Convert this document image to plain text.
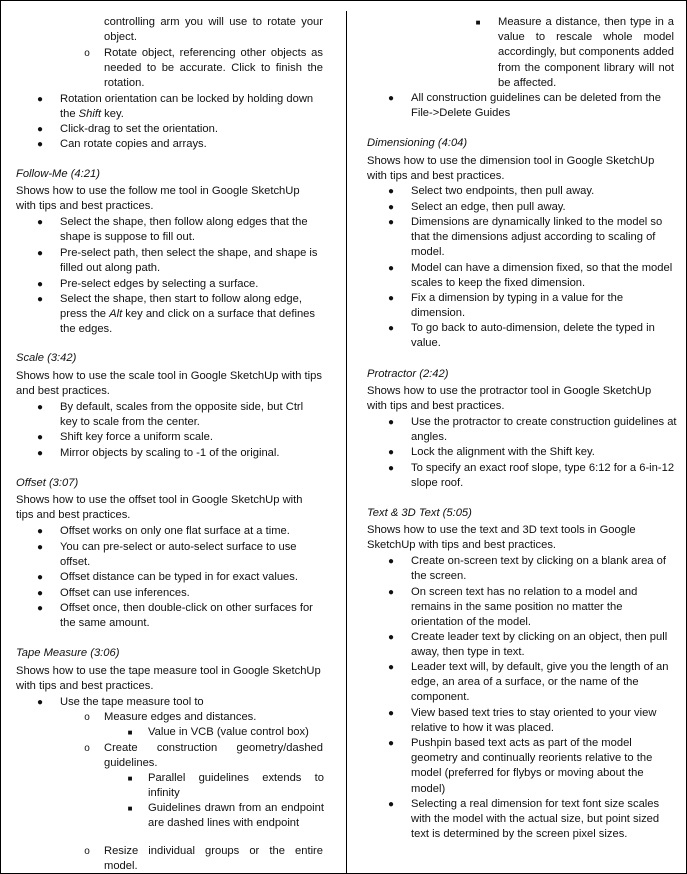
controlling arm you will use to rotate your object.
o Rotate object, referencing other objects as needed to be accurate. Click to finish the rotation.
● Rotation orientation can be locked by holding down the Shift key.
● Click-drag to set the orientation.
● Can rotate copies and arrays.
Follow-Me (4:21)
Shows how to use the follow me tool in Google SketchUp with tips and best practices.
● Select the shape, then follow along edges that the shape is suppose to fill out.
● Pre-select path, then select the shape, and shape is filled out along path.
● Pre-select edges by selecting a surface.
● Select the shape, then start to follow along edge, press the Alt key and click on a surface that defines the edges.
Scale (3:42)
Shows how to use the scale tool in Google SketchUp with tips and best practices.
● By default, scales from the opposite side, but Ctrl key to scale from the center.
● Shift key force a uniform scale.
● Mirror objects by scaling to -1 of the original.
Offset (3:07)
Shows how to use the offset tool in Google SketchUp with tips and best practices.
● Offset works on only one flat surface at a time.
● You can pre-select or auto-select surface to use offset.
● Offset distance can be typed in for exact values.
● Offset can use inferences.
● Offset once, then double-click on other surfaces for the same amount.
Tape Measure (3:06)
Shows how to use the tape measure tool in Google SketchUp with tips and best practices.
● Use the tape measure tool to
o Measure edges and distances.
■ Value in VCB (value control box)
o Create construction geometry/dashed guidelines.
■ Parallel guidelines extends to infinity
■ Guidelines drawn from an endpoint are dashed lines with endpoint
o Resize individual groups or the entire model.
■ Measure a distance, then type in a value to rescale whole model accordingly, but components added from the component library will not be affected.
● All construction guidelines can be deleted from the File->Delete Guides
Dimensioning (4:04)
Shows how to use the dimension tool in Google SketchUp with tips and best practices.
● Select two endpoints, then pull away.
● Select an edge, then pull away.
● Dimensions are dynamically linked to the model so that the dimensions adjust according to scaling of model.
● Model can have a dimension fixed, so that the model scales to keep the fixed dimension.
● Fix a dimension by typing in a value for the dimension.
● To go back to auto-dimension, delete the typed in value.
Protractor (2:42)
Shows how to use the protractor tool in Google SketchUp with tips and best practices.
● Use the protractor to create construction guidelines at angles.
● Lock the alignment with the Shift key.
● To specify an exact roof slope, type 6:12 for a 6-in-12 slope roof.
Text & 3D Text (5:05)
Shows how to use the text and 3D text tools in Google SketchUp with tips and best practices.
● Create on-screen text by clicking on a blank area of the screen.
● On screen text has no relation to a model and remains in the same position no matter the orientation of the model.
● Create leader text by clicking on an object, then pull away, then type in text.
● Leader text will, by default, give you the length of an edge, an area of a surface, or the name of the component.
● View based text tries to stay oriented to your view relative to how it was placed.
● Pushpin based text acts as part of the model geometry and continually reorients relative to the model (preferred for flybys or moving about the model)
● Selecting a real dimension for text font size scales with the model with the actual size, but point sized text is determined by the screen pixel sizes.
